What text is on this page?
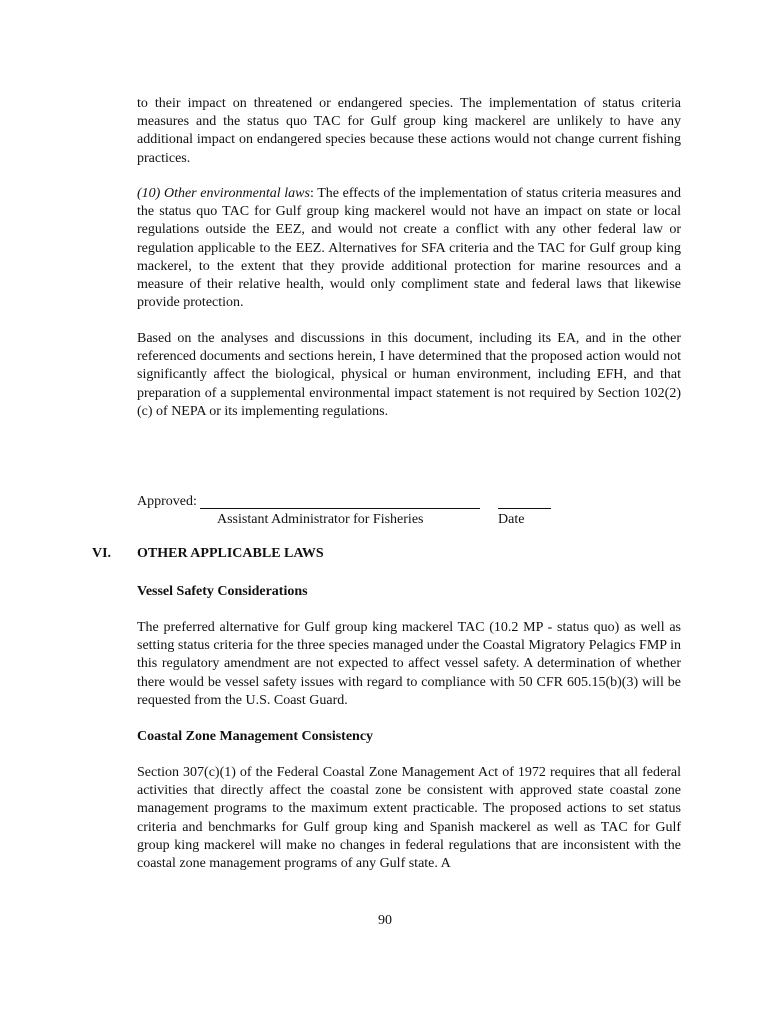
to their impact on threatened or endangered species. The implementation of status criteria measures and the status quo TAC for Gulf group king mackerel are unlikely to have any additional impact on endangered species because these actions would not change current fishing practices.

(10) Other environmental laws: The effects of the implementation of status criteria measures and the status quo TAC for Gulf group king mackerel would not have an impact on state or local regulations outside the EEZ, and would not create a conflict with any other federal law or regulation applicable to the EEZ. Alternatives for SFA criteria and the TAC for Gulf group king mackerel, to the extent that they provide additional protection for marine resources and a measure of their relative health, would only compliment state and federal laws that likewise provide protection.

Based on the analyses and discussions in this document, including its EA, and in the other referenced documents and sections herein, I have determined that the proposed action would not significantly affect the biological, physical or human environment, including EFH, and that preparation of a supplemental environmental impact statement is not required by Section 102(2)(c) of NEPA or its implementing regulations.

Approved:
Assistant Administrator for Fisheries	Date
VI. OTHER APPLICABLE LAWS
Vessel Safety Considerations

The preferred alternative for Gulf group king mackerel TAC (10.2 MP - status quo) as well as setting status criteria for the three species managed under the Coastal Migratory Pelagics FMP in this regulatory amendment are not expected to affect vessel safety. A determination of whether there would be vessel safety issues with regard to compliance with 50 CFR 605.15(b)(3) will be requested from the U.S. Coast Guard.

Coastal Zone Management Consistency

Section 307(c)(1) of the Federal Coastal Zone Management Act of 1972 requires that all federal activities that directly affect the coastal zone be consistent with approved state coastal zone management programs to the maximum extent practicable. The proposed actions to set status criteria and benchmarks for Gulf group king and Spanish mackerel as well as TAC for Gulf group king mackerel will make no changes in federal regulations that are inconsistent with the coastal zone management programs of any Gulf state. A

90
